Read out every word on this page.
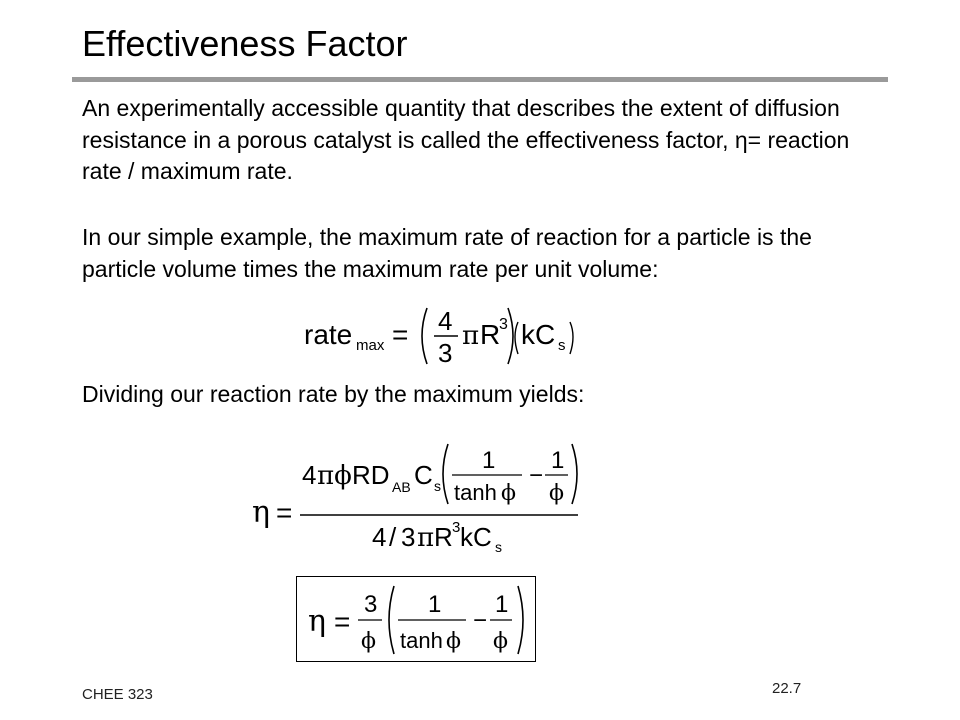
Effectiveness Factor

An experimentally accessible quantity that describes the extent of diffusion resistance in a porous catalyst is called the effectiveness factor, η= reaction rate / maximum rate.

In our simple example, the maximum rate of reaction for a particle is the particle volume times the maximum rate per unit volume:

rate max = 4
3
π R
3 kC s

Dividing our reaction rate by the maximum yields:

η =
4 πϕ RD AB C s
1
tanh ϕ
−
1
ϕ
4 / 3 π R 3 kC s
η =
3
ϕ
1
tanh ϕ
−
1
ϕ
CHEE 323	22.7
